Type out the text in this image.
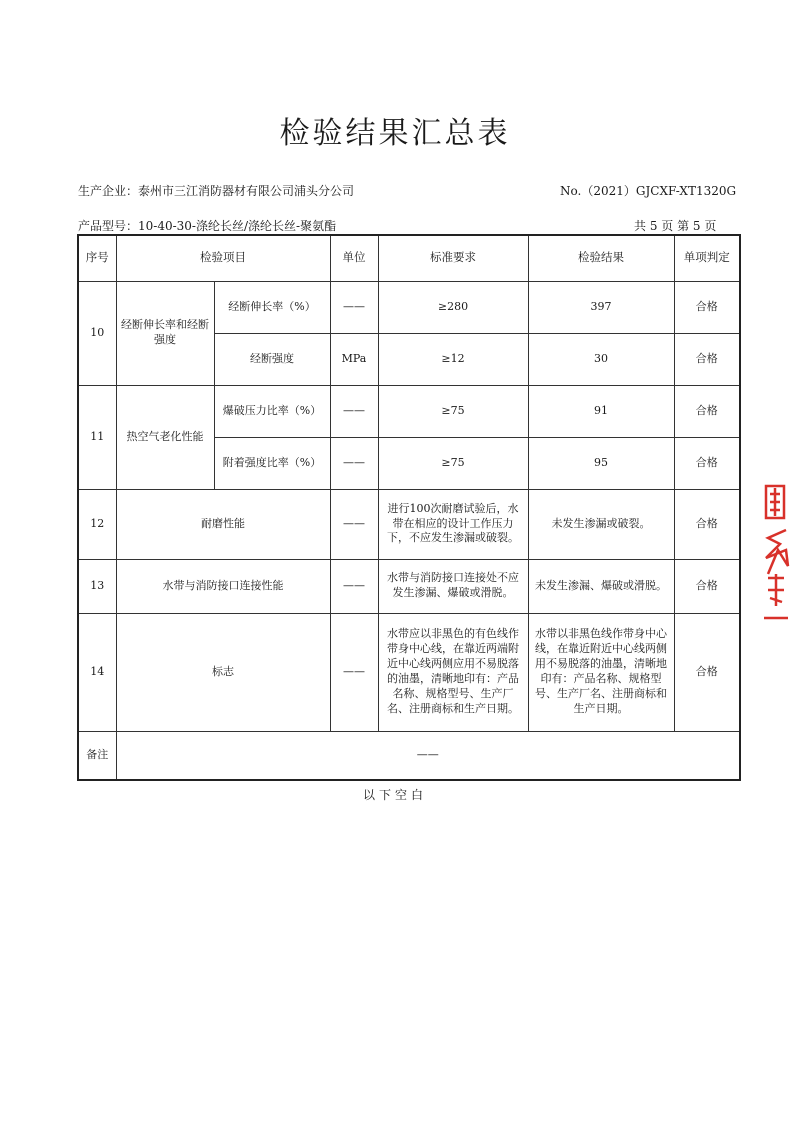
检验结果汇总表
生产企业：泰州市三江消防器材有限公司浦头分公司	No.（2021）GJCXF-XT1320G
产品型号：10-40-30-涤纶长丝/涤纶长丝-聚氨酯	共 5 页 第 5 页
序号	检验项目		单位	标准要求	检验结果	单项判定
10	经断伸长率和经断强度	经断伸长率（%）	——	≥280	397	合格
		经断强度	MPa	≥12	30	合格
11	热空气老化性能	爆破压力比率（%）	——	≥75	91	合格
		附着强度比率（%）	——	≥75	95	合格
12	耐磨性能		——	进行100次耐磨试验后，水带在相应的设计工作压力下，不应发生渗漏或破裂。	未发生渗漏或破裂。	合格
13	水带与消防接口连接性能		——	水带与消防接口连接处不应发生渗漏、爆破或滑脱。	未发生渗漏、爆破或滑脱。	合格
14	标志		——	水带应以非黑色的有色线作带身中心线，在靠近两端附近中心线两侧应用不易脱落的油墨，清晰地印有：产品名称、规格型号、生产厂名、注册商标和生产日期。	水带以非黑色线作带身中心线，在靠近附近中心线两侧用不易脱落的油墨，清晰地印有：产品名称、规格型号、生产厂名、注册商标和生产日期。	合格
备注	——					
以下空白
